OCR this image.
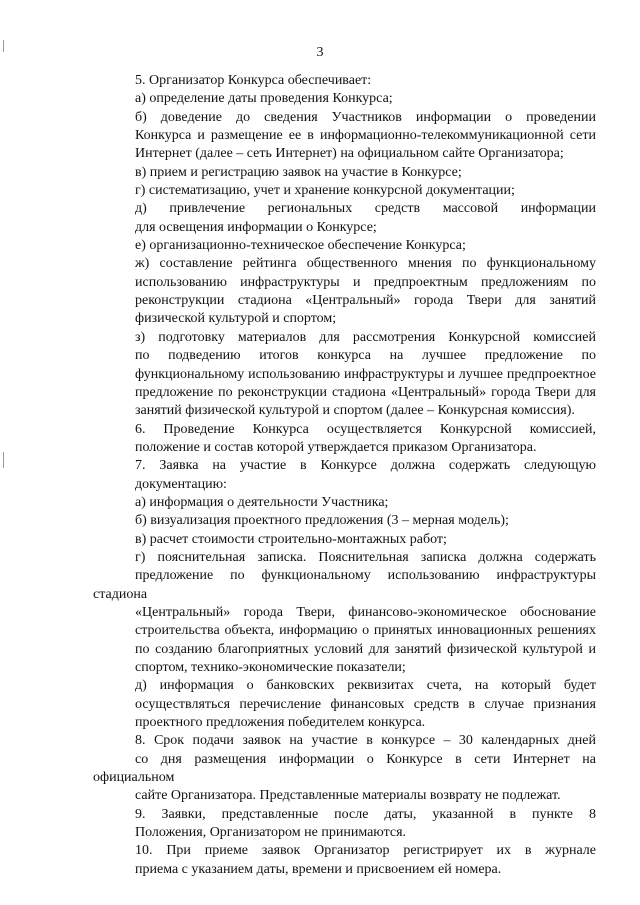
3

5. Организатор Конкурса обеспечивает:

а) определение даты проведения Конкурса;

б) доведение до сведения Участников информации о проведении
Конкурса и размещение ее в информационно-телекоммуникационной сети
Интернет (далее – сеть Интернет) на официальном сайте Организатора;

в) прием и регистрацию заявок на участие в Конкурсе;

г) систематизацию, учет и хранение конкурсной документации;

д) привлечение региональных средств массовой информации
для освещения информации о Конкурсе;

е) организационно-техническое обеспечение Конкурса;

ж) составление рейтинга общественного мнения по функциональному
использованию инфраструктуры и предпроектным предложениям по
реконструкции стадиона «Центральный» города Твери для занятий
физической культурой и спортом;

з) подготовку материалов для рассмотрения Конкурсной комиссией
по подведению итогов конкурса на лучшее предложение по
функциональному использованию инфраструктуры и лучшее предпроектное
предложение по реконструкции стадиона «Центральный» города Твери для
занятий физической культурой и спортом (далее – Конкурсная комиссия).

6. Проведение Конкурса осуществляется Конкурсной комиссией,
положение и состав которой утверждается приказом Организатора.

7. Заявка на участие в Конкурсе должна содержать следующую
документацию:

а) информация о деятельности Участника;

б) визуализация проектного предложения (3 – мерная модель);

в) расчет стоимости строительно-монтажных работ;

г) пояснительная записка. Пояснительная записка должна содержать
предложение по функциональному использованию инфраструктуры стадиона
«Центральный» города Твери, финансово-экономическое обоснование
строительства объекта, информацию о принятых инновационных решениях
по созданию благоприятных условий для занятий физической культурой и
спортом, технико-экономические показатели;

д) информация о банковских реквизитах счета, на который будет
осуществляться перечисление финансовых средств в случае признания
проектного предложения победителем конкурса.

8. Срок подачи заявок на участие в конкурсе – 30 календарных дней
со дня размещения информации о Конкурсе в сети Интернет на официальном
сайте Организатора. Представленные материалы возврату не подлежат.

9. Заявки, представленные после даты, указанной в пункте 8
Положения, Организатором не принимаются.

10. При приеме заявок Организатор регистрирует их в журнале
приема с указанием даты, времени и присвоением ей номера.
